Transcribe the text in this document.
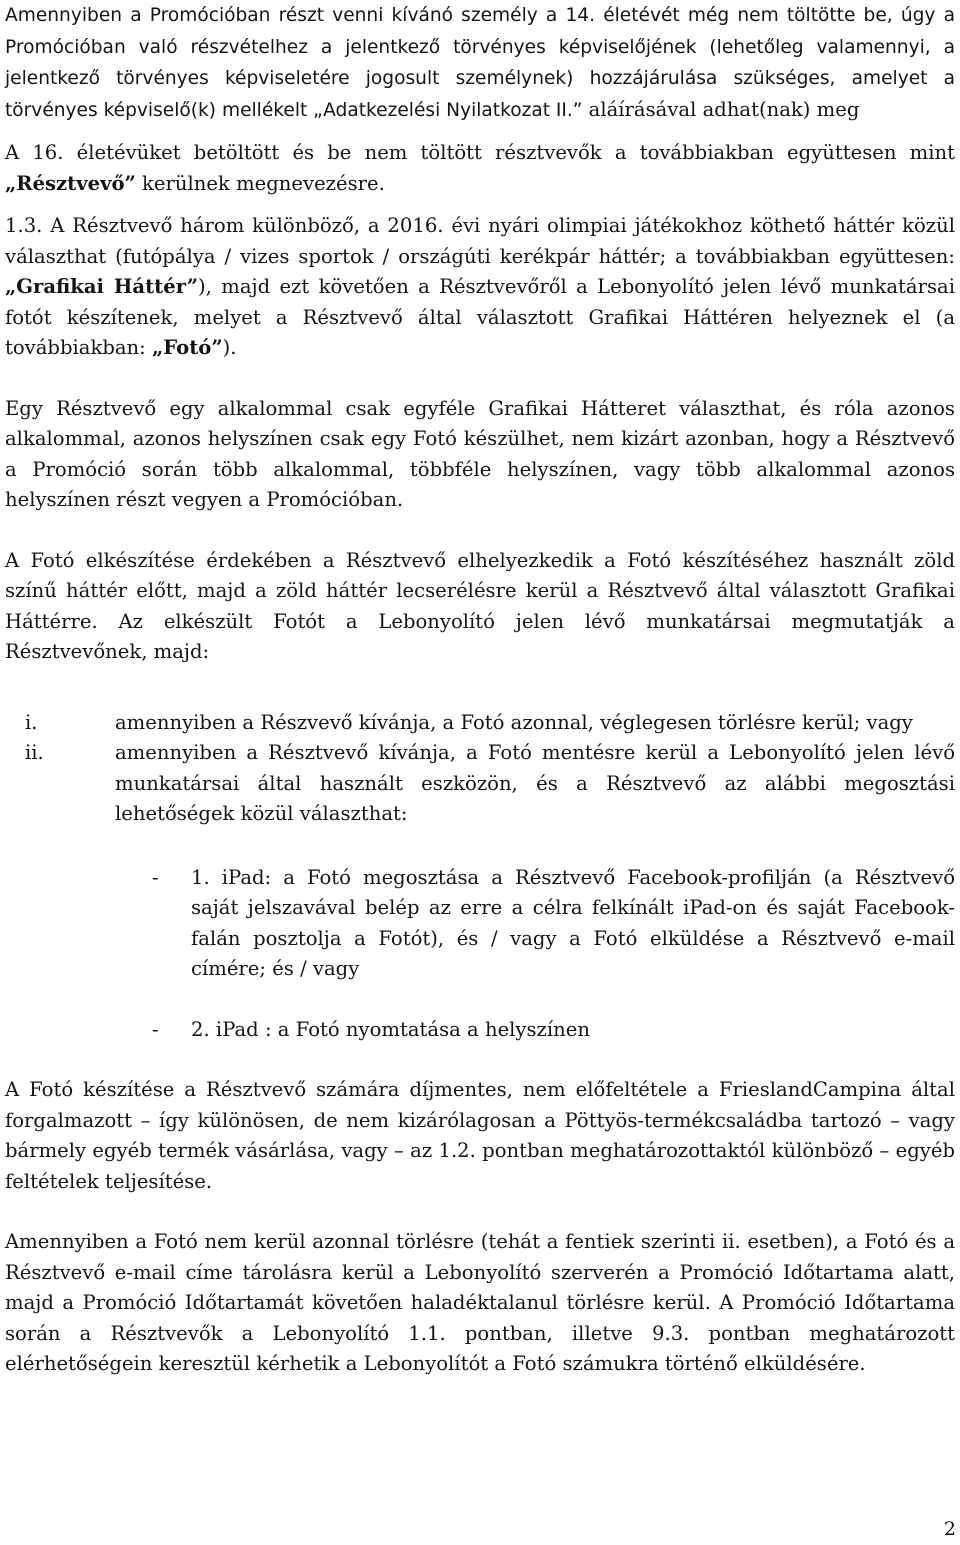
Amennyiben a Promócióban részt venni kívánó személy a 14. életévét még nem töltötte be, úgy a Promócióban való részvételhez a jelentkező törvényes képviselőjének (lehetőleg valamennyi, a jelentkező törvényes képviseletére jogosult személynek) hozzájárulása szükséges, amelyet a törvényes képviselő(k) mellékelt „Adatkezelési Nyilatkozat II.” aláírásával adhat(nak) meg

A 16. életévüket betöltött és be nem töltött résztvevők a továbbiakban együttesen mint „Résztvevő” kerülnek megnevezésre.

1.3. A Résztvevő három különböző, a 2016. évi nyári olimpiai játékokhoz köthető háttér közül választhat (futópálya / vizes sportok / országúti kerékpár háttér; a továbbiakban együttesen: „Grafikai Háttér”), majd ezt követően a Résztvevőről a Lebonyolító jelen lévő munkatársai fotót készítenek, melyet a Résztvevő által választott Grafikai Háttéren helyeznek el (a továbbiakban: „Fotó”).

Egy Résztvevő egy alkalommal csak egyféle Grafikai Hátteret választhat, és róla azonos alkalommal, azonos helyszínen csak egy Fotó készülhet, nem kizárt azonban, hogy a Résztvevő a Promóció során több alkalommal, többféle helyszínen, vagy több alkalommal azonos helyszínen részt vegyen a Promócióban.

A Fotó elkészítése érdekében a Résztvevő elhelyezkedik a Fotó készítéséhez használt zöld színű háttér előtt, majd a zöld háttér lecserélésre kerül a Résztvevő által választott Grafikai Háttérre. Az elkészült Fotót a Lebonyolító jelen lévő munkatársai megmutatják a Résztvevőnek, majd:

i.	amennyiben a Részvevő kívánja, a Fotó azonnal, véglegesen törlésre kerül; vagy
ii.	amennyiben a Résztvevő kívánja, a Fotó mentésre kerül a Lebonyolító jelen lévő munkatársai által használt eszközön, és a Résztvevő az alábbi megosztási lehetőségek közül választhat:
- 1. iPad: a Fotó megosztása a Résztvevő Facebook-profilján (a Résztvevő saját jelszavával belép az erre a célra felkínált iPad-on és saját Facebook-falán posztolja a Fotót), és / vagy a Fotó elküldése a Résztvevő e-mail címére; és / vagy
- 2. iPad : a Fotó nyomtatása a helyszínen

A Fotó készítése a Résztvevő számára díjmentes, nem előfeltétele a FrieslandCampina által forgalmazott – így különösen, de nem kizárólagosan a Pöttyös-termékcsaládba tartozó – vagy bármely egyéb termék vásárlása, vagy – az 1.2. pontban meghatározottaktól különböző – egyéb feltételek teljesítése.

Amennyiben a Fotó nem kerül azonnal törlésre (tehát a fentiek szerinti ii. esetben), a Fotó és a Résztvevő e-mail címe tárolásra kerül a Lebonyolító szerverén a Promóció Időtartama alatt, majd a Promóció Időtartamát követően haladéktalanul törlésre kerül. A Promóció Időtartama során a Résztvevők a Lebonyolító 1.1. pontban, illetve 9.3. pontban meghatározott elérhetőségein keresztül kérhetik a Lebonyolítót a Fotó számukra történő elküldésére.

2
